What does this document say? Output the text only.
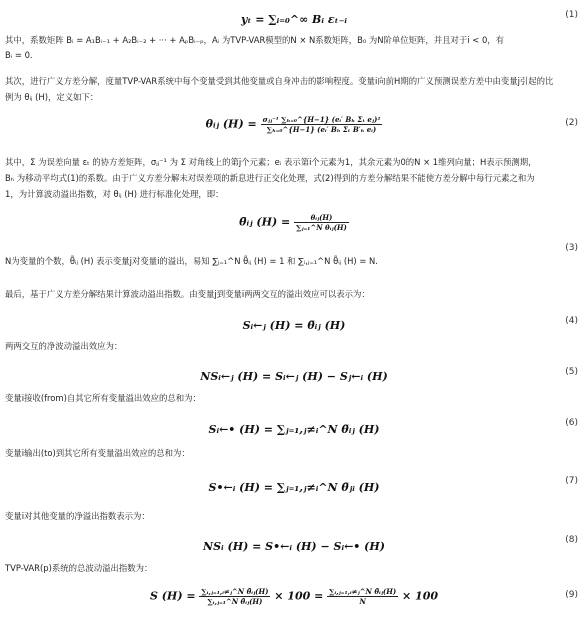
yₜ = ∑ᵢ₌₀^∞ Bᵢ εₜ₋ᵢ	(1)
其中，系数矩阵 Bᵢ = A₁Bᵢ₋₁ + A₂Bᵢ₋₂ + ··· + AₚBᵢ₋ₚ，Aᵢ 为TVP-VAR模型的N × N系数矩阵，B₀ 为N阶单位矩阵，并且对于i < 0，有
Bᵢ = 0.
其次，进行广义方差分解，度量TVP-VAR系统中每个变量受到其他变量或自身冲击的影响程度。变量i向前H期的广义预测误差方差中由变量j引起的比
例为 θᵢⱼ (H)，定义如下：
θᵢⱼ $(H) = \frac{\text{σⱼⱼ⁻¹ ∑ₕ₌₀\textasciicircum{}\{H−1\} (eᵢ′ Bₕ Σₜ eⱼ)²}}{\text{∑ₕ₌₀\textasciicircum{}\{H−1\} (eᵢ′ Bₕ Σₜ B′ₕ eᵢ)}}$	(2)
其中，Σ 为误差向量 εₜ 的协方差矩阵，σⱼⱼ⁻¹ 为 Σ 对角线上的第j个元素；eᵢ 表示第i个元素为1，其余元素为0的N × 1维列向量；H表示预测期，
Bₕ 为移动平均式(1)的系数。由于广义方差分解未对误差项的新息进行正交化处理，式(2)得到的方差分解结果不能使方差分解中每行元素之和为
1，为计算波动溢出指数，对 θᵢⱼ (H) 进行标准化处理，即：
θ̃ᵢⱼ $(H) = \frac{\text{θᵢⱼ(H)}}{\text{∑ⱼ₌₁\textasciicircum{}N θᵢⱼ(H)}}$
(3)
N为变量的个数，θ̃ᵢⱼ (H) 表示变量j对变量i的溢出，易知 ∑ⱼ₌₁^N θ̃ᵢⱼ (H) = 1 和 ∑ᵢ,ⱼ₌₁^N θ̃ᵢⱼ (H) = N.
最后，基于广义方差分解结果计算波动溢出指数。由变量j到变量i两两交互的溢出效应可以表示为：
Sᵢ←ⱼ (H) = θ̃ᵢⱼ (H)	(4)
两两交互的净波动溢出效应为：
NSᵢ←ⱼ (H) = Sᵢ←ⱼ (H) − Sⱼ←ᵢ (H)	(5)
变量i接收(from)自其它所有变量溢出效应的总和为：
Sᵢ←• (H) = ∑ⱼ₌₁,ⱼ≠ᵢ^N θ̃ᵢⱼ (H)	(6)
变量i输出(to)到其它所有变量溢出效应的总和为：
S•←ᵢ (H) = ∑ⱼ₌₁,ⱼ≠ᵢ^N θ̃ⱼᵢ (H)	(7)
变量i对其他变量的净溢出指数表示为：
NSᵢ (H) = S•←ᵢ (H) − Sᵢ←• (H)	(8)
TVP-VAR(p)系统的总波动溢出指数为：
S $(H) = \frac{\text{∑ᵢ,ⱼ₌₁,ᵢ≠ⱼ\textasciicircum{}N θ̃ᵢⱼ(H)}}{\text{∑ᵢ,ⱼ₌₁\textasciicircum{}N θ̃ᵢⱼ(H)}} \times 100 = \frac{\text{∑ᵢ,ⱼ₌₁,ᵢ≠ⱼ\textasciicircum{}N θ̃ᵢⱼ(H)}}{N} \times 100$	(9)
